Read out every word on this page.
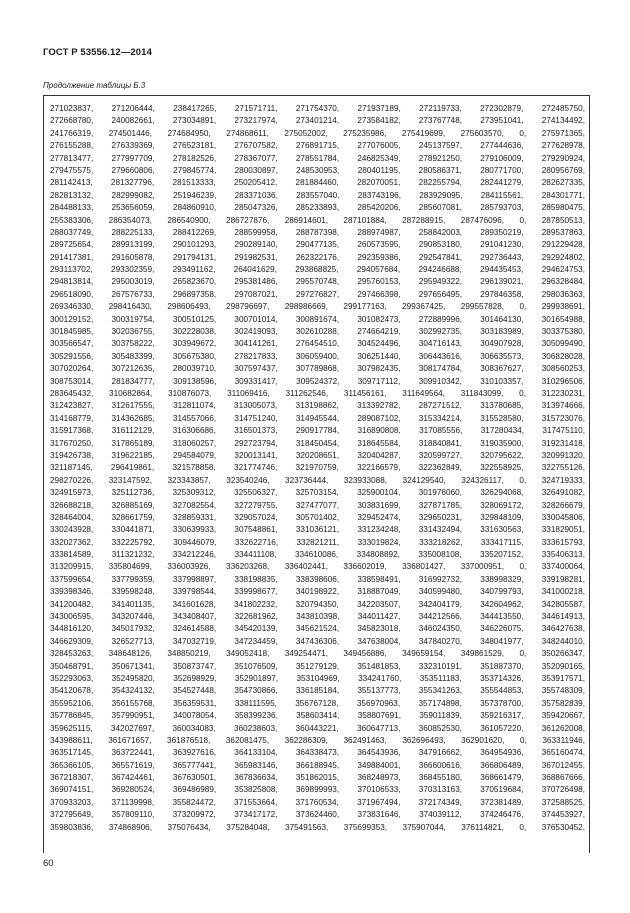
ГОСТ Р 53556.12—2014
Продолжение таблицы Б.3
271023837, 271206444, 238417265, 271571711, 271754370, 271937189, 272119733, 272302879, 272485750,
272668780, 240082661, 273034891, 273217974, 273401214, 273584182, 273767748, 273951041, 274134492,
241766319, 274501446, 274684950, 274868611, 275052002, 275235986, 275419699, 275603570, 0, 275971365,
276155288, 276339369, 276523181, 276707582, 276891715, 277076005, 245137597, 277444636, 277628978,
277813477, 277997709, 278182526, 278367077, 278551784, 246825349, 278921250, 279106009, 279290924,
279475575, 279660806, 279845774, 280030897, 248530953, 280401195, 280586371, 280771700, 280956769,
281142413, 281327796, 281513333, 250205412, 281884460, 282070051, 282255794, 282441279, 282627335,
282813132, 282999082, 251946239, 283371036, 283557040, 283743196, 283929095, 284115561, 284301771,
284488133, 253656059, 284860910, 285047326, 285233893, 285420206, 285607081, 285793703, 285980475,
255383306, 286354073, 286540900, 286727876, 286914601, 287101884, 287288915, 287476096, 0, 287850513,
288037749, 288225133, 288412269, 288599958, 288787398, 288974987, 258842003, 289350219, 289537863,
289725654, 289913199, 290101293, 290289140, 290477135, 260573595, 290853180, 291041230, 291229428,
291417381, 291605878, 291794131, 291982531, 262322176, 292359386, 292547841, 292736443, 292924802,
293113702, 293302359, 293491162, 264041629, 293868825, 294057684, 294246688, 294435453, 294624753,
294813814, 295003019, 265823670, 295381486, 295570748, 295760153, 295949322, 296139021, 296328484,
296518090, 267576733, 296897358, 297087021, 297276827, 297466398, 297656495, 297846358, 298036363,
269346330, 298416430, 298606493, 298796697, 298986669, 299177163, 299367425, 299557828, 0, 299938691,
300129152, 300319754, 300510125, 300701014, 300891674, 301082473, 272889996, 301464130, 301654988,
301845985, 302036755, 302228038, 302419093, 302610288, 274664219, 302992735, 303183989, 303375380,
303566547, 303758222, 303949672, 304141261, 276454510, 304524496, 304716143, 304907928, 305099490,
305291556, 305483399, 305675380, 278217833, 306059400, 306251440, 306443616, 306635573, 306828028,
307020264, 307212635, 280039710, 307597437, 307789868, 307982435, 308174784, 308367627, 308560253,
308753014, 281834777, 309138596, 309331417, 309524372, 309717112, 309910342, 310103357, 310296506,
283645432, 310682864, 310876073, 311069416, 311262546, 311456161, 311649564, 311843099, 0, 312230231,
312423827, 312617555, 312811074, 313005073, 313198862, 313392782, 287271512, 313780685, 313974666,
314168779, 314362685, 314557066, 314751240, 314945544, 289087102, 315334214, 315528580, 315723076,
315917368, 316112129, 316306686, 316501373, 290917784, 316890808, 317085556, 317280434, 317475110,
317670250, 317865189, 318060257, 292723794, 318450454, 318645584, 318840841, 319035900, 319231418,
319426738, 319622185, 294584079, 320013141, 320208651, 320404287, 320599727, 320795622, 320991320,
321187145, 296419861, 321578858, 321774746, 321970759, 322166579, 322362849, 322558925, 322755126,
298270226, 323147592, 323343857, 323540246, 323736444, 323933088, 324129540, 324326117, 0, 324719333,
324915973, 325112736, 325309312, 325506327, 325703154, 325900104, 301976060, 326294068, 326491082,
326688218, 326885169, 327082554, 327279755, 327477077, 303831699, 327871785, 328069172, 328266679,
328464004, 328661759, 328859331, 329057024, 305701402, 329452474, 329650231, 329848109, 330045806,
330243928, 330441871, 330639933, 307548861, 331036121, 331234248, 331432494, 331630563, 331829051,
332027362, 332225792, 309446079, 332622716, 332821211, 333019824, 333218262, 333417115, 333615793,
333814589, 311321232, 334212246, 334411108, 334610086, 334808892, 335008108, 335207152, 335406313,
313209915, 335804699, 336003926, 336203268, 336402441, 336602019, 336801427, 337000951, 0, 337400064,
337599654, 337799359, 337998897, 338198835, 338398606, 338598491, 316992732, 338998329, 339198281,
339398346, 339598248, 339798544, 339998677, 340198922, 318887049, 340599480, 340799793, 341000218,
341200482, 341401135, 341601628, 341802232, 320794350, 342203507, 342404179, 342604962, 342805587,
343006595, 343207446, 343408407, 322681962, 343810398, 344011427, 344212566, 344413550, 344614913,
344816120, 345017932, 324614588, 345420139, 345621524, 345823018, 346024350, 346226075, 346427638,
346629309, 326527713, 347032719, 347234459, 347436306, 347638004, 347840270, 348041977, 348244010,
328453263, 348648126, 348850219, 349052418, 349254471, 349456886, 349659154, 349861529, 0, 350266347,
350468791, 350671341, 350873747, 351076509, 351279129, 351481853, 332310191, 351887370, 352090165,
352293063, 352495820, 352698929, 352901897, 353104969, 334241760, 353511183, 353714326, 353917571,
354120678, 354324132, 354527448, 354730866, 336185184, 355137773, 355341263, 355544853, 355748309,
355952106, 356155768, 356359531, 338111595, 356767128, 356970963, 357174898, 357378700, 357582839,
357786845, 357990951, 340078054, 358399236, 358603414, 358807691, 359011839, 359216317, 359420667,
359625115, 342027697, 360034083, 360238603, 360443221, 360647713, 360852530, 361057220, 361262008,
343988611, 361671657, 361876518, 362081475, 362286309, 362491463, 362696493, 362901620, 0, 363311946,
363517145, 363722441, 363927616, 364133104, 364338473, 364543936, 347916662, 364954936, 365160474,
365366105, 365571619, 365777441, 365983146, 366188945, 349884001, 366600616, 366806489, 367012455,
367218307, 367424461, 367630501, 367836634, 351862015, 368248973, 368455180, 368661479, 368867666,
369074151, 369280524, 369486989, 353825808, 369899993, 370106533, 370313163, 370519684, 370726498,
370933203, 371139998, 355824472, 371553664, 371760534, 371967494, 372174349, 372381489, 372588525,
372795649, 357809110, 373209972, 373417172, 373624460, 373831646, 374039112, 374246476, 374453927,
359803836, 374868906, 375076434, 375284048, 375491563, 375699353, 375907044, 376114821, 0, 376530452,
60
